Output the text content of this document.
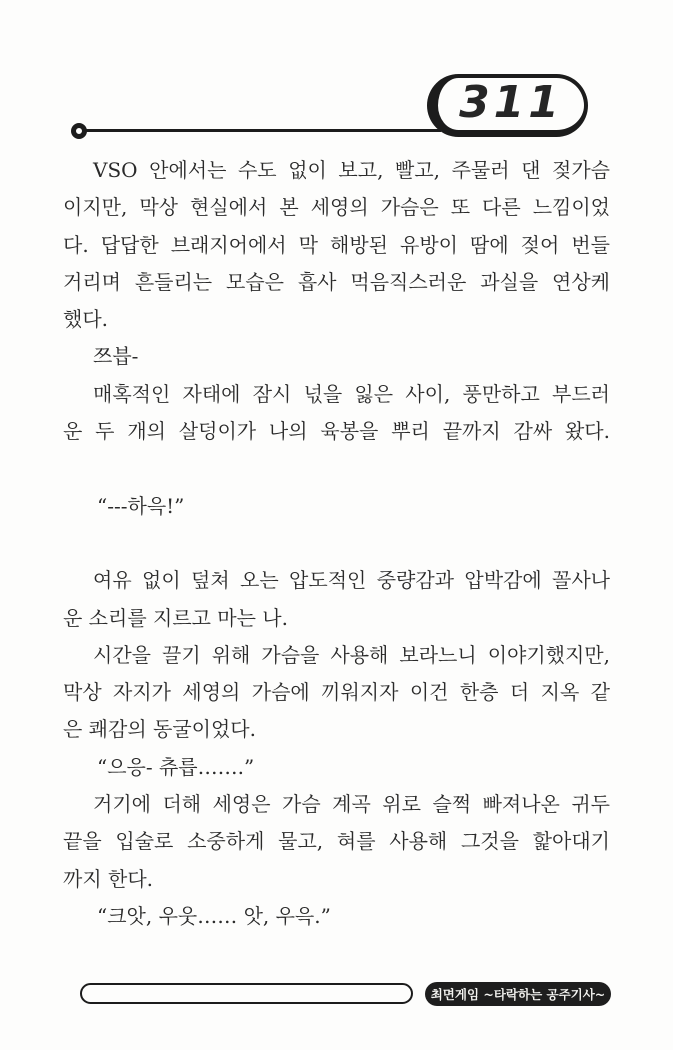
311
VSO 안에서는 수도 없이 보고, 빨고, 주물러 댄 젖가슴
이지만, 막상 현실에서 본 세영의 가슴은 또 다른 느낌이었
다. 답답한 브래지어에서 막 해방된 유방이 땀에 젖어 번들
거리며 흔들리는 모습은 흡사 먹음직스러운 과실을 연상케
했다.
쯔븝-
매혹적인 자태에 잠시 넋을 잃은 사이, 풍만하고 부드러
운 두 개의 살덩이가 나의 육봉을 뿌리 끝까지 감싸 왔다.
“---하윽!”
여유 없이 덮쳐 오는 압도적인 중량감과 압박감에 꼴사나
운 소리를 지르고 마는 나.
시간을 끌기 위해 가슴을 사용해 보라느니 이야기했지만,
막상 자지가 세영의 가슴에 끼워지자 이건 한층 더 지옥 같
은 쾌감의 동굴이었다.
“으응- 츄릅…….”
거기에 더해 세영은 가슴 계곡 위로 슬쩍 빠져나온 귀두
끝을 입술로 소중하게 물고, 혀를 사용해 그것을 핥아대기
까지 한다.
“크앗, 우웃…… 앗, 우윽.”
최면게임 ~타락하는 공주기사~
